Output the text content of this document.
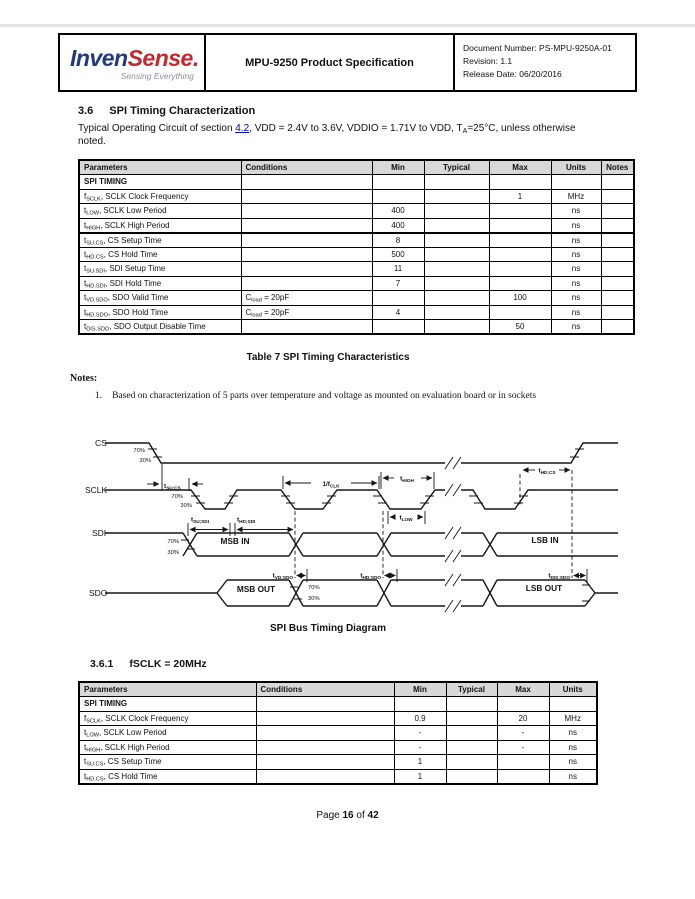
InvenSense.
Sensing Everything
MPU-9250 Product Specification
Document Number: PS-MPU-9250A-01
Revision: 1.1
Release Date: 06/20/2016
3.6 SPI Timing Characterization

Typical Operating Circuit of section 4.2, VDD = 2.4V to 3.6V, VDDIO = 1.71V to VDD, $T_A=25^\circ C$, unless otherwise noted.

Parameters	Conditions	Min	Typical	Max	Units	Notes
SPI TIMING						
$f_{SCLK}$, SCLK Clock Frequency				1	MHz	
$t_{LOW}$, SCLK Low Period		400			ns	
$t_{HIGH}$, SCLK High Period		400			ns	
$t_{SU.CS}$, CS Setup Time		8			ns	
$t_{HD.CS}$, CS Hold Time		500			ns	
$t_{SU.SDI}$, SDI Setup Time		11			ns	
$t_{HD.SDI}$, SDI Hold Time		7			ns	
$t_{VD.SDO}$, SDO Valid Time	$C_{load} = 20pF$			100	ns	
$t_{HD.SDO}$, SDO Hold Time	$C_{load} = 20pF$	4			ns	
$t_{DIS.SDO}$, SDO Output Disable Time				50	ns	
Table 7 SPI Timing Characteristics
Notes:
1. Based on characterization of 5 parts over temperature and voltage as mounted on evaluation board or in sockets
CS
SCLK
SDI
SDO
70%
30%
70%
30%
$t_{SU;CS}$	$1/f_{CLK}$
$t_{HIGH}$
$t_{LOW}$
$t_{HD;CS}$
70%
30%
MSB IN	LSB IN
$t_{SU;SDI}$	$t_{HD;SDI}$
70%
30%
MSB OUT	LSB OUT
$t_{VD;SDO}$	$t_{HD;SDO}$	$t_{DIS;SDO}$
SPI Bus Timing Diagram
3.6.1 fSCLK = 20MHz
Parameters	Conditions	Min	Typical	Max	Units
SPI TIMING					
$f_{SCLK}$, SCLK Clock Frequency		0.9		20	MHz
$t_{LOW}$, SCLK Low Period		-		-	ns
$t_{HIGH}$, SCLK High Period		-		-	ns
$t_{SU.CS}$, CS Setup Time		1			ns
$t_{HD.CS}$, CS Hold Time		1			ns
Page 16 of 42
